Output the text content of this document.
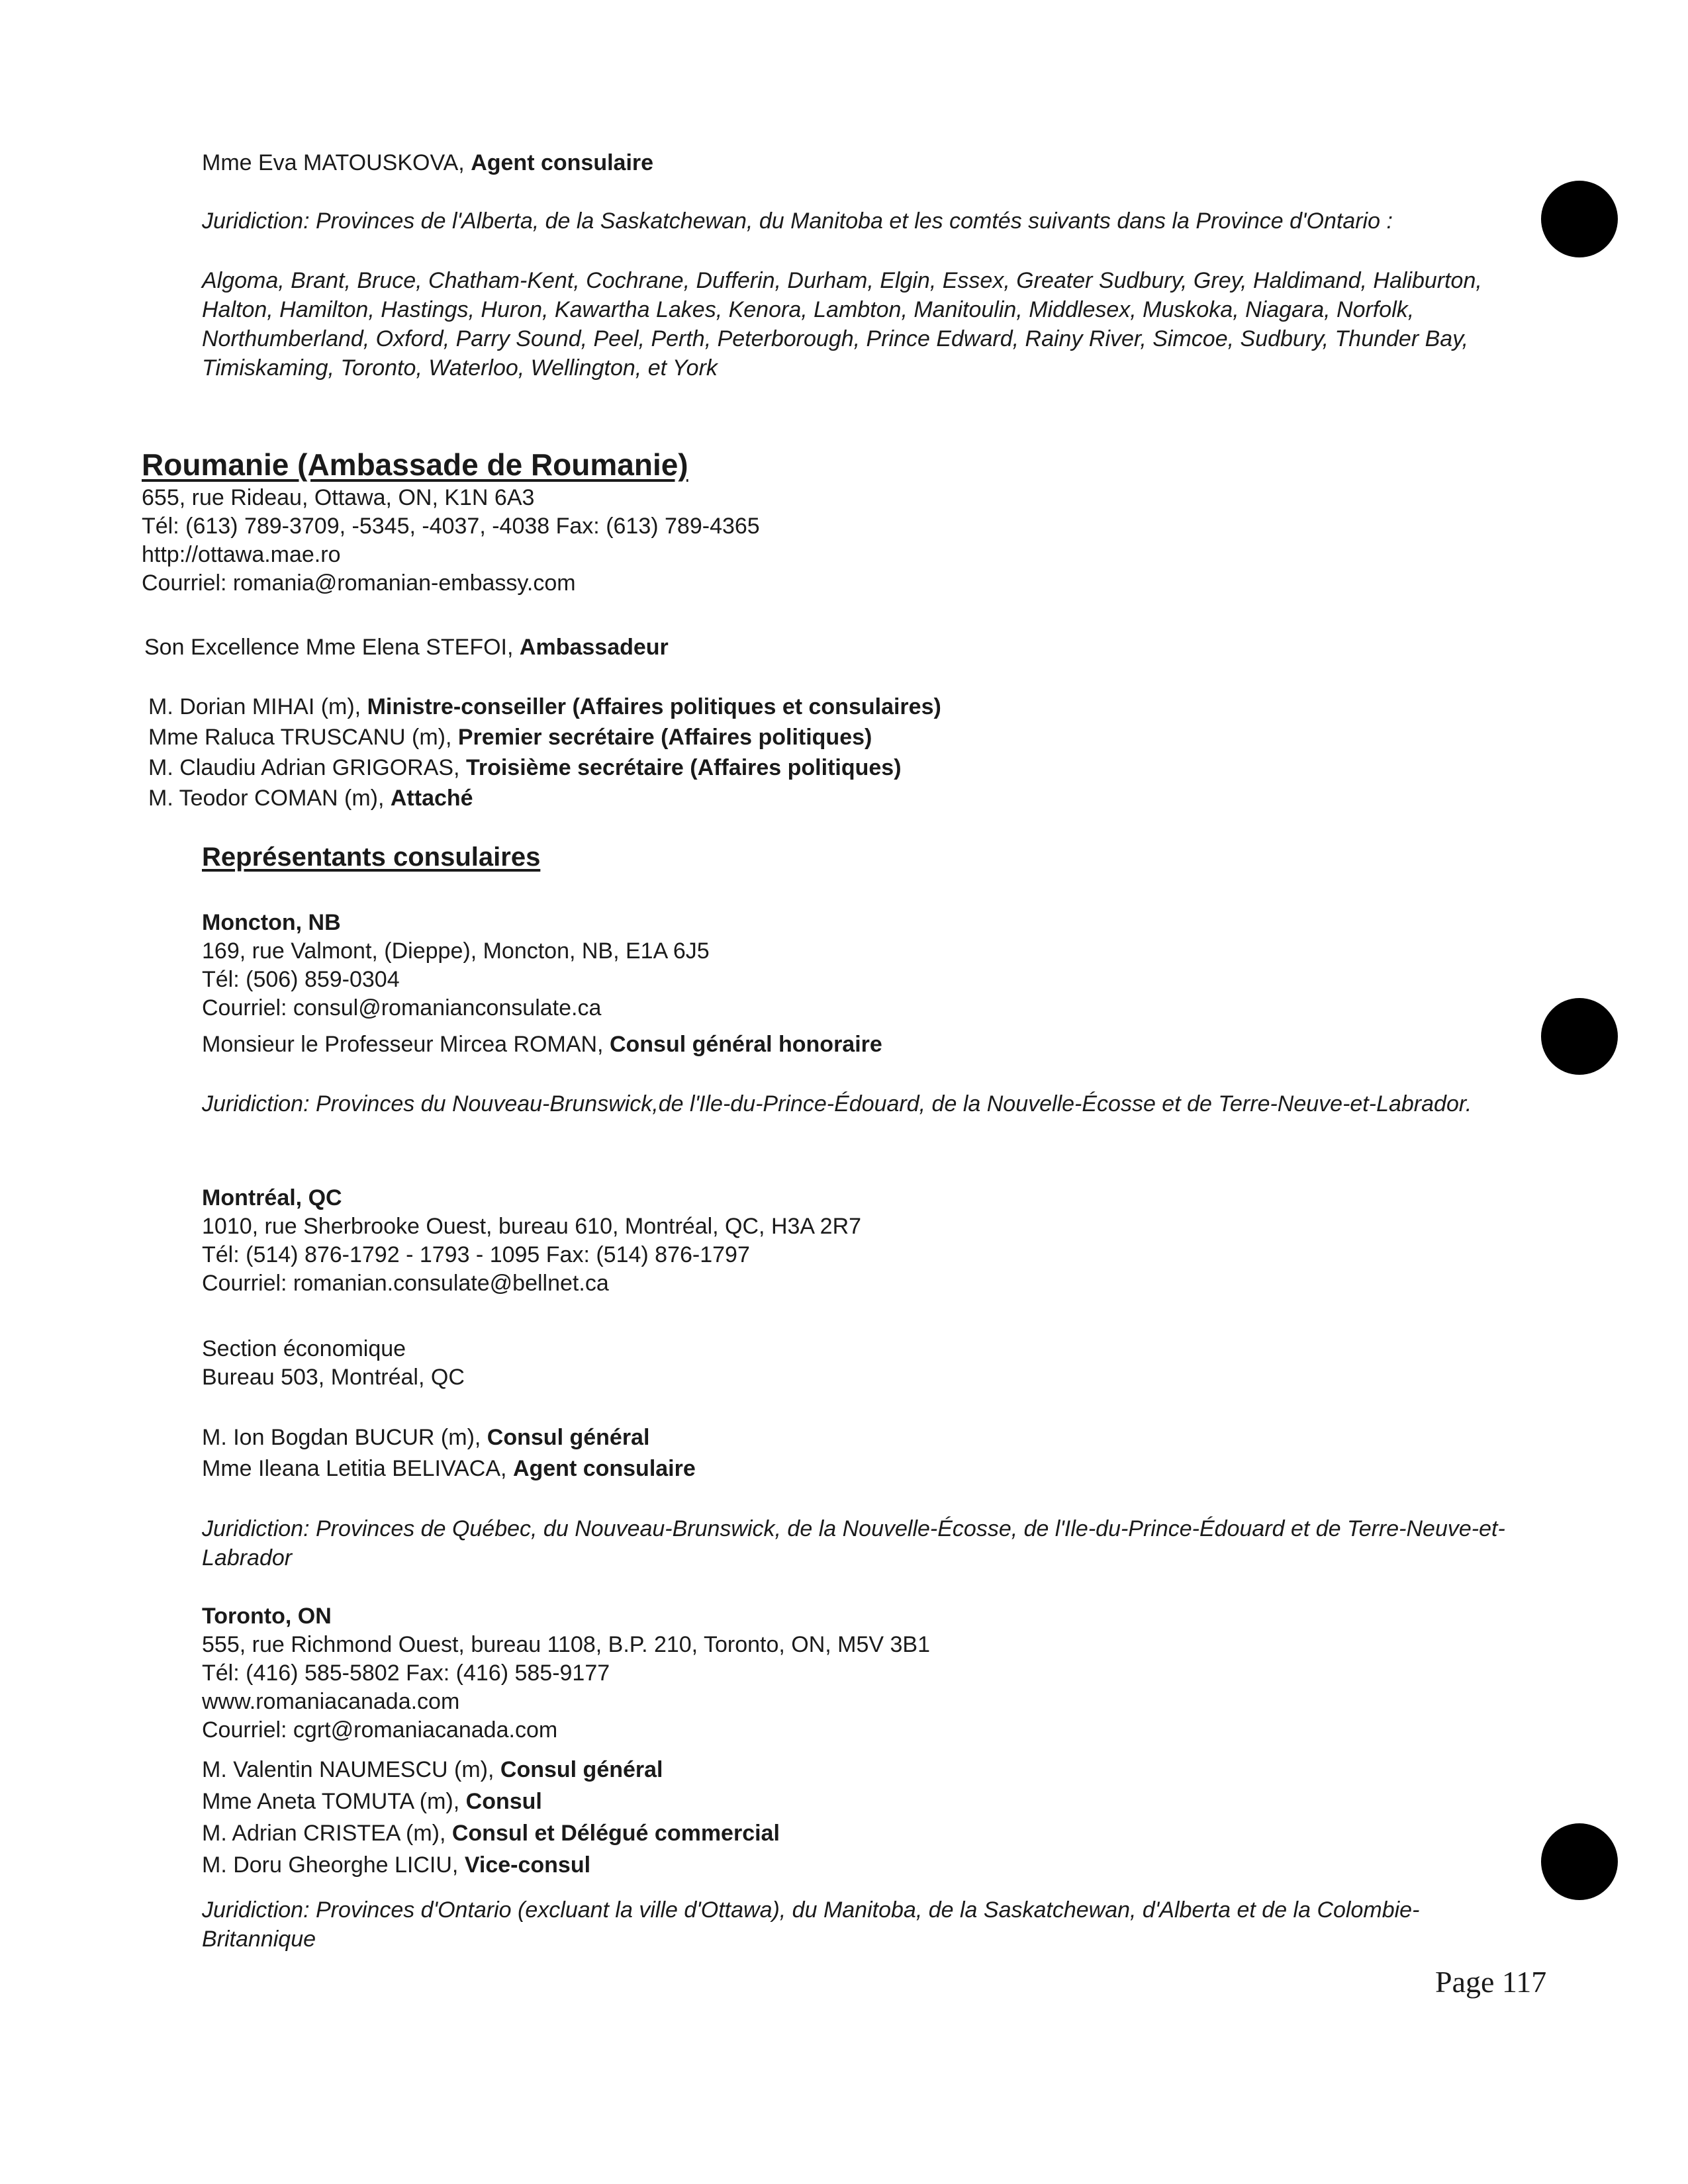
Mme Eva MATOUSKOVA, Agent consulaire
Juridiction: Provinces de l'Alberta, de la Saskatchewan, du Manitoba et les comtés suivants dans la Province d'Ontario :
Algoma, Brant, Bruce, Chatham-Kent, Cochrane, Dufferin, Durham, Elgin, Essex, Greater Sudbury, Grey, Haldimand, Haliburton, Halton, Hamilton, Hastings, Huron, Kawartha Lakes, Kenora, Lambton, Manitoulin, Middlesex, Muskoka, Niagara, Norfolk, Northumberland, Oxford, Parry Sound, Peel, Perth, Peterborough, Prince Edward, Rainy River, Simcoe, Sudbury, Thunder Bay, Timiskaming, Toronto, Waterloo, Wellington, et York
Roumanie (Ambassade de Roumanie)
655, rue Rideau, Ottawa, ON, K1N 6A3
Tél: (613) 789-3709, -5345, -4037, -4038 Fax: (613) 789-4365
http://ottawa.mae.ro
Courriel: romania@romanian-embassy.com
Son Excellence Mme Elena STEFOI, Ambassadeur
M. Dorian MIHAI (m), Ministre-conseiller (Affaires politiques et consulaires)
Mme Raluca TRUSCANU (m), Premier secrétaire (Affaires politiques)
M. Claudiu Adrian GRIGORAS, Troisième secrétaire (Affaires politiques)
M. Teodor COMAN (m), Attaché
Représentants consulaires
Moncton, NB
169, rue Valmont, (Dieppe), Moncton, NB, E1A 6J5
Tél: (506) 859-0304
Courriel: consul@romanianconsulate.ca
Monsieur le Professeur Mircea ROMAN, Consul général honoraire
Juridiction: Provinces du Nouveau-Brunswick,de l'Ile-du-Prince-Édouard, de la Nouvelle-Écosse et de Terre-Neuve-et-Labrador.
Montréal, QC
1010, rue Sherbrooke Ouest, bureau 610, Montréal, QC, H3A 2R7
Tél: (514) 876-1792 - 1793 - 1095 Fax: (514) 876-1797
Courriel: romanian.consulate@bellnet.ca
Section économique
Bureau 503, Montréal, QC
M. Ion Bogdan BUCUR (m), Consul général
Mme Ileana Letitia BELIVACA, Agent consulaire
Juridiction: Provinces de Québec, du Nouveau-Brunswick, de la Nouvelle-Écosse, de l'Ile-du-Prince-Édouard et de Terre-Neuve-et-Labrador
Toronto, ON
555, rue Richmond Ouest, bureau 1108, B.P. 210, Toronto, ON, M5V 3B1
Tél: (416) 585-5802 Fax: (416) 585-9177
www.romaniacanada.com
Courriel: cgrt@romaniacanada.com
M. Valentin NAUMESCU (m), Consul général
Mme Aneta TOMUTA (m), Consul
M. Adrian CRISTEA (m), Consul et Délégué commercial
M. Doru Gheorghe LICIU, Vice-consul
Juridiction: Provinces d'Ontario (excluant la ville d'Ottawa), du Manitoba, de la Saskatchewan, d'Alberta et de la Colombie-Britannique
Page 117
